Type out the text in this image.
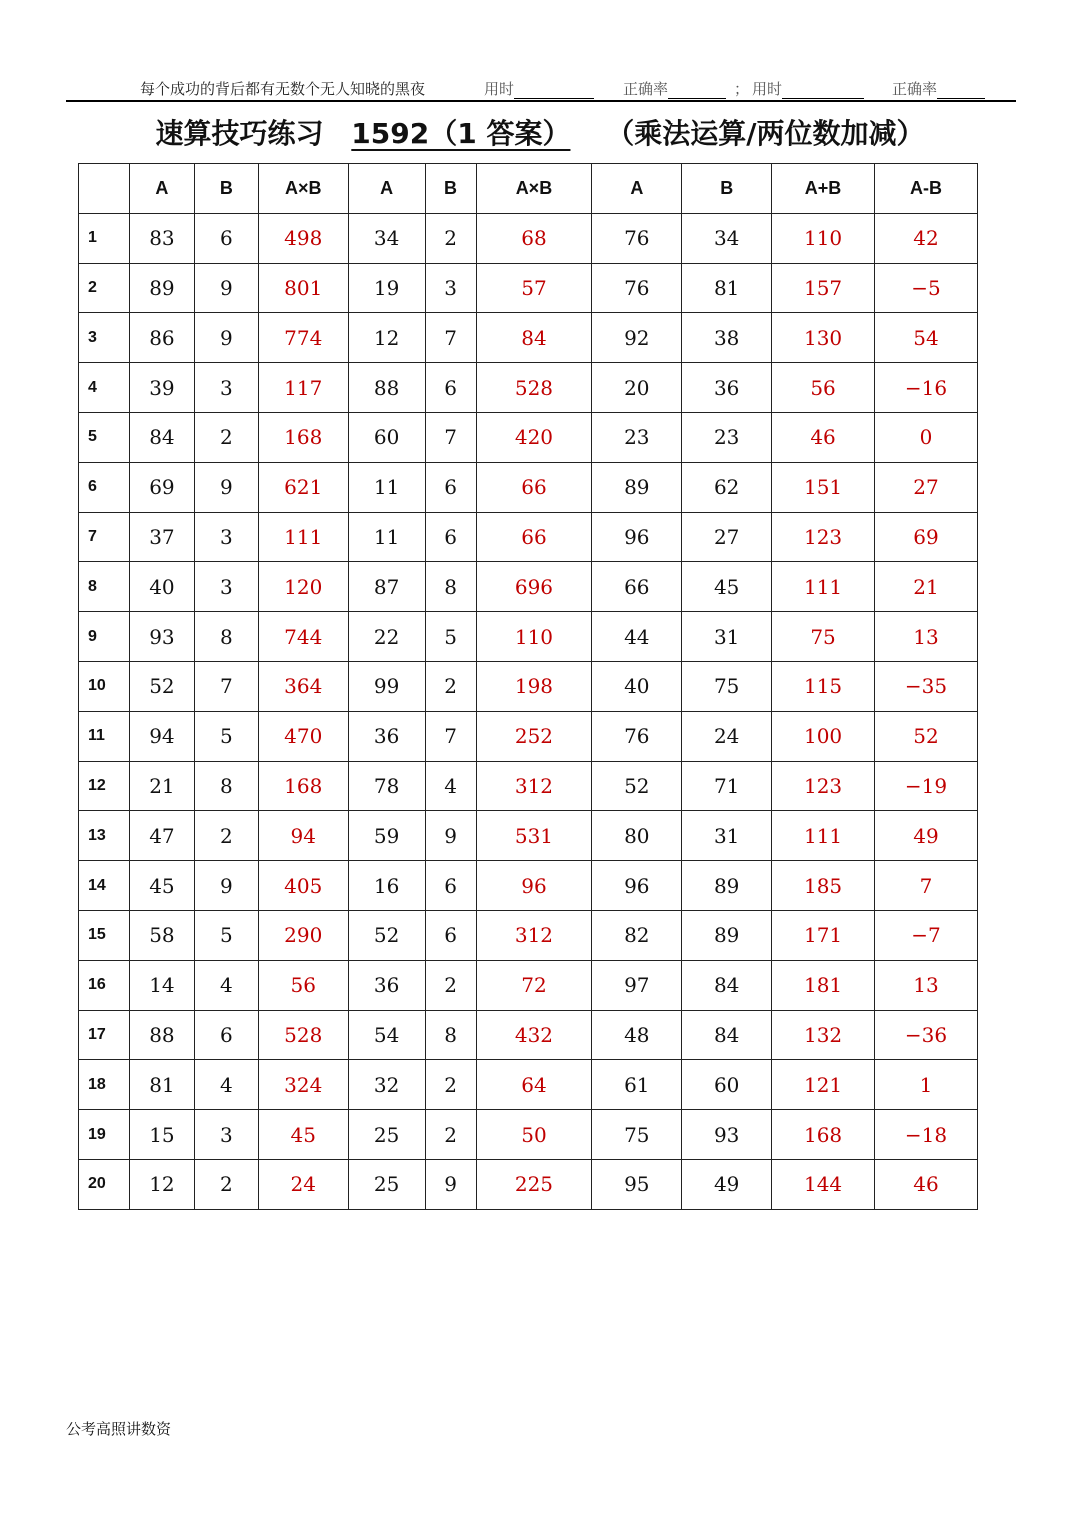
每个成功的背后都有无数个无人知晓的黑夜	用时	正确率	； 用时	正确率
速算技巧练习 1592（1 答案） （乘法运算/两位数加减）
	A	B	A×B	A	B	A×B	A	B	A+B	A-B
1	83	6	498	34	2	68	76	34	110	42
2	89	9	801	19	3	57	76	81	157	−5
3	86	9	774	12	7	84	92	38	130	54
4	39	3	117	88	6	528	20	36	56	−16
5	84	2	168	60	7	420	23	23	46	0
6	69	9	621	11	6	66	89	62	151	27
7	37	3	111	11	6	66	96	27	123	69
8	40	3	120	87	8	696	66	45	111	21
9	93	8	744	22	5	110	44	31	75	13
10	52	7	364	99	2	198	40	75	115	−35
11	94	5	470	36	7	252	76	24	100	52
12	21	8	168	78	4	312	52	71	123	−19
13	47	2	94	59	9	531	80	31	111	49
14	45	9	405	16	6	96	96	89	185	7
15	58	5	290	52	6	312	82	89	171	−7
16	14	4	56	36	2	72	97	84	181	13
17	88	6	528	54	8	432	48	84	132	−36
18	81	4	324	32	2	64	61	60	121	1
19	15	3	45	25	2	50	75	93	168	−18
20	12	2	24	25	9	225	95	49	144	46
公考高照讲数资
